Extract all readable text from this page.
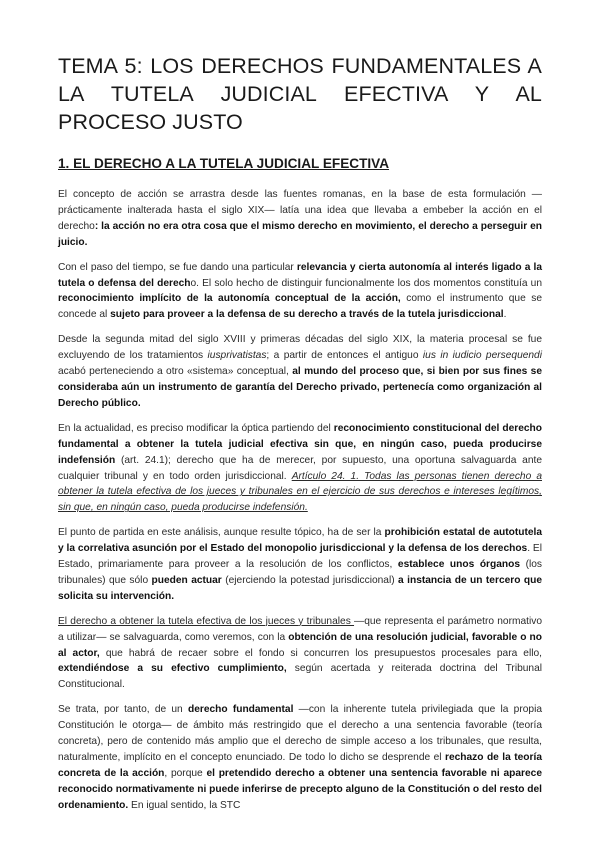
TEMA 5: LOS DERECHOS FUNDAMENTALES A LA TUTELA JUDICIAL EFECTIVA Y AL PROCESO JUSTO
1. EL DERECHO A LA TUTELA JUDICIAL EFECTIVA

El concepto de acción se arrastra desde las fuentes romanas, en la base de esta formulación —prácticamente inalterada hasta el siglo XIX— latía una idea que llevaba a embeber la acción en el derecho: la acción no era otra cosa que el mismo derecho en movimiento, el derecho a perseguir en juicio.

Con el paso del tiempo, se fue dando una particular relevancia y cierta autonomía al interés ligado a la tutela o defensa del derecho. El solo hecho de distinguir funcionalmente los dos momentos constituía un reconocimiento implícito de la autonomía conceptual de la acción, como el instrumento que se concede al sujeto para proveer a la defensa de su derecho a través de la tutela jurisdiccional.

Desde la segunda mitad del siglo XVIII y primeras décadas del siglo XIX, la materia procesal se fue excluyendo de los tratamientos iusprivatistas; a partir de entonces el antiguo ius in iudicio persequendi acabó perteneciendo a otro «sistema» conceptual, al mundo del proceso que, si bien por sus fines se consideraba aún un instrumento de garantía del Derecho privado, pertenecía como organización al Derecho público.

En la actualidad, es preciso modificar la óptica partiendo del reconocimiento constitucional del derecho fundamental a obtener la tutela judicial efectiva sin que, en ningún caso, pueda producirse indefensión (art. 24.1); derecho que ha de merecer, por supuesto, una oportuna salvaguarda ante cualquier tribunal y en todo orden jurisdiccional. Artículo 24. 1. Todas las personas tienen derecho a obtener la tutela efectiva de los jueces y tribunales en el ejercicio de sus derechos e intereses legítimos, sin que, en ningún caso, pueda producirse indefensión.

El punto de partida en este análisis, aunque resulte tópico, ha de ser la prohibición estatal de autotutela y la correlativa asunción por el Estado del monopolio jurisdiccional y la defensa de los derechos. El Estado, primariamente para proveer a la resolución de los conflictos, establece unos órganos (los tribunales) que sólo pueden actuar (ejerciendo la potestad jurisdiccional) a instancia de un tercero que solicita su intervención.

El derecho a obtener la tutela efectiva de los jueces y tribunales —que representa el parámetro normativo a utilizar— se salvaguarda, como veremos, con la obtención de una resolución judicial, favorable o no al actor, que habrá de recaer sobre el fondo si concurren los presupuestos procesales para ello, extendiéndose a su efectivo cumplimiento, según acertada y reiterada doctrina del Tribunal Constitucional.

Se trata, por tanto, de un derecho fundamental —con la inherente tutela privilegiada que la propia Constitución le otorga— de ámbito más restringido que el derecho a una sentencia favorable (teoría concreta), pero de contenido más amplio que el derecho de simple acceso a los tribunales, que resulta, naturalmente, implícito en el concepto enunciado. De todo lo dicho se desprende el rechazo de la teoría concreta de la acción, porque el pretendido derecho a obtener una sentencia favorable ni aparece reconocido normativamente ni puede inferirse de precepto alguno de la Constitución o del resto del ordenamiento. En igual sentido, la STC
